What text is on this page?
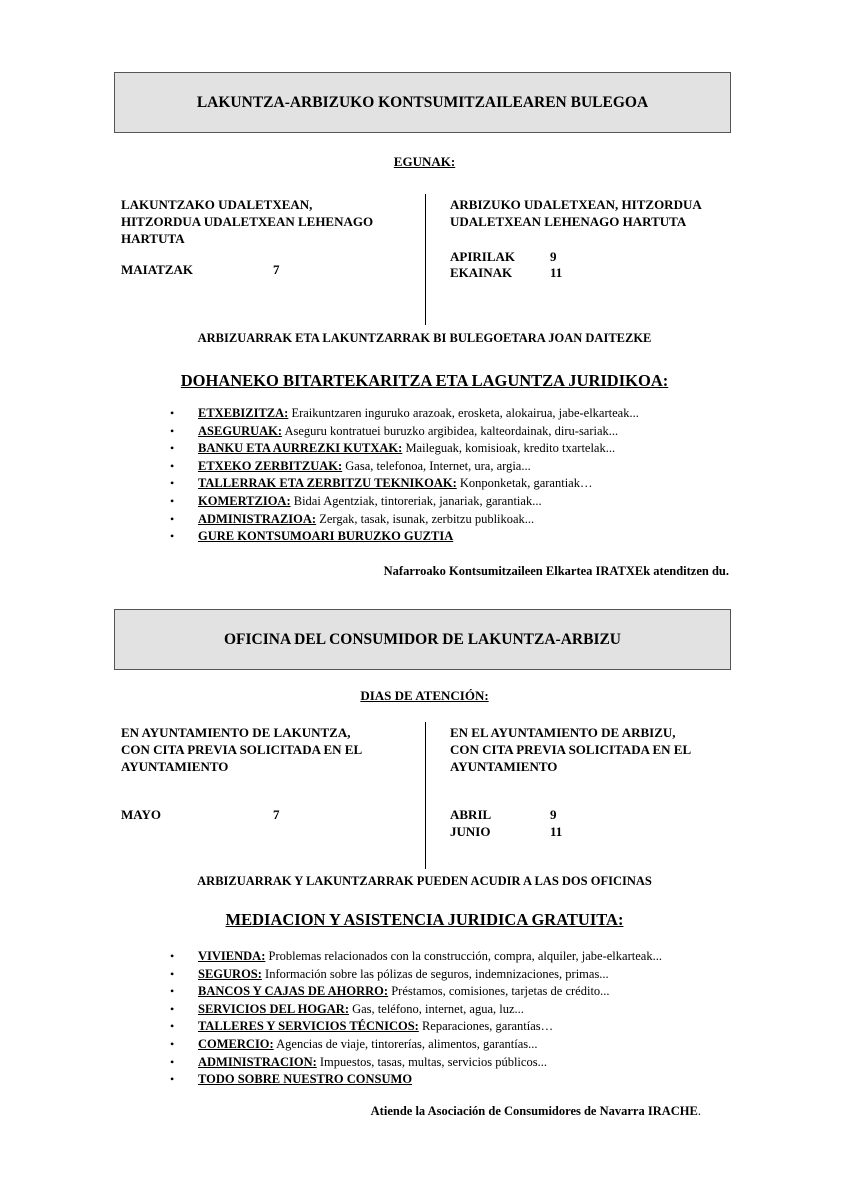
LAKUNTZA-ARBIZUKO KONTSUMITZAILEAREN BULEGOA
EGUNAK:
LAKUNTZAKO UDALETXEAN,
HITZORDUA UDALETXEAN LEHENAGO
HARTUTA
MAIATZAK	7
ARBIZUKO UDALETXEAN, HITZORDUA
UDALETXEAN LEHENAGO HARTUTA
APIRILAK	9
EKAINAK	11
ARBIZUARRAK ETA LAKUNTZARRAK BI BULEGOETARA JOAN DAITEZKE
DOHANEKO BITARTEKARITZA ETA LAGUNTZA JURIDIKOA:
• ETXEBIZITZA: Eraikuntzaren inguruko arazoak, erosketa, alokairua, jabe-elkarteak...
• ASEGURUAK: Aseguru kontratuei buruzko argibidea, kalteordainak, diru-sariak...
• BANKU ETA AURREZKI KUTXAK: Maileguak, komisioak, kredito txartelak...
• ETXEKO ZERBITZUAK: Gasa, telefonoa, Internet, ura, argia...
• TALLERRAK ETA ZERBITZU TEKNIKOAK: Konponketak, garantiak…
• KOMERTZIOA: Bidai Agentziak, tintoreriak, janariak, garantiak...
• ADMINISTRAZIOA: Zergak, tasak, isunak, zerbitzu publikoak...
• GURE KONTSUMOARI BURUZKO GUZTIA
Nafarroako Kontsumitzaileen Elkartea IRATXEk atenditzen du.
OFICINA DEL CONSUMIDOR DE LAKUNTZA-ARBIZU
DIAS DE ATENCIÓN:
EN AYUNTAMIENTO DE LAKUNTZA,
CON CITA PREVIA SOLICITADA EN EL
AYUNTAMIENTO
MAYO	7
EN EL AYUNTAMIENTO DE ARBIZU,
CON CITA PREVIA SOLICITADA EN EL
AYUNTAMIENTO
ABRIL	9
JUNIO	11
ARBIZUARRAK Y LAKUNTZARRAK PUEDEN ACUDIR A LAS DOS OFICINAS
MEDIACION Y ASISTENCIA JURIDICA GRATUITA:
• VIVIENDA: Problemas relacionados con la construcción, compra, alquiler, jabe-elkarteak...
• SEGUROS: Información sobre las pólizas de seguros, indemnizaciones, primas...
• BANCOS Y CAJAS DE AHORRO: Préstamos, comisiones, tarjetas de crédito...
• SERVICIOS DEL HOGAR: Gas, teléfono, internet, agua, luz...
• TALLERES Y SERVICIOS TÉCNICOS: Reparaciones, garantías…
• COMERCIO: Agencias de viaje, tintorerías, alimentos, garantías...
• ADMINISTRACION: Impuestos, tasas, multas, servicios públicos...
• TODO SOBRE NUESTRO CONSUMO
Atiende la Asociación de Consumidores de Navarra IRACHE.
